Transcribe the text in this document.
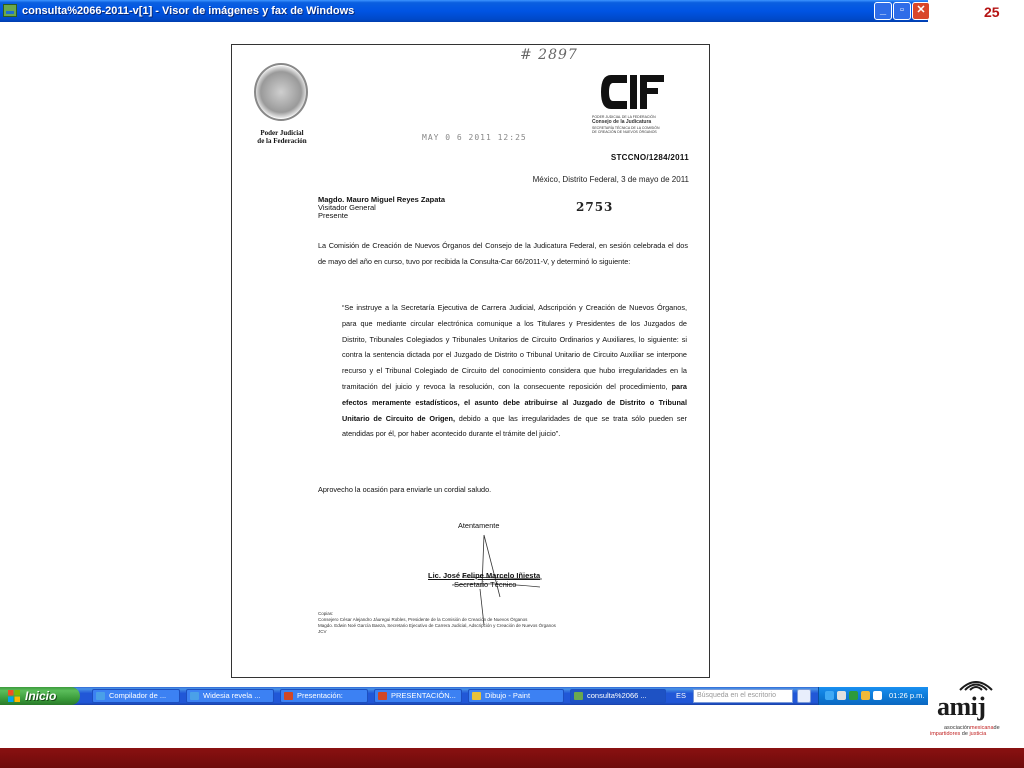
consulta%2066-2011-v[1] - Visor de imágenes y fax de Windows	_	▫	✕
Poder Judicial
de la Federación
# 2897
MAY 0 6 2011 12:25
PODER JUDICIAL DE LA FEDERACIÓN
Consejo de la Judicatura
SECRETARÍA TÉCNICA DE LA COMISIÓN
DE CREACIÓN DE NUEVOS ÓRGANOS
STCCNO/1284/2011
México, Distrito Federal, 3 de mayo de 2011
Magdo. Mauro Miguel Reyes Zapata
Visitador General
Presente
2753

La Comisión de Creación de Nuevos Órganos del Consejo de la Judicatura Federal, en sesión celebrada el dos de mayo del año en curso, tuvo por recibida la Consulta-Car 66/2011-V, y determinó lo siguiente:

“Se instruye a la Secretaría Ejecutiva de Carrera Judicial, Adscripción y Creación de Nuevos Órganos, para que mediante circular electrónica comunique a los Titulares y Presidentes de los Juzgados de Distrito, Tribunales Colegiados y Tribunales Unitarios de Circuito Ordinarios y Auxiliares, lo siguiente: si contra la sentencia dictada por el Juzgado de Distrito o Tribunal Unitario de Circuito Auxiliar se interpone recurso y el Tribunal Colegiado de Circuito del conocimiento considera que hubo irregularidades en la tramitación del juicio y revoca la resolución, con la consecuente reposición del procedimiento, para efectos meramente estadísticos, el asunto debe atribuirse al Juzgado de Distrito o Tribunal Unitario de Circuito de Origen, debido a que las irregularidades de que se trata sólo pueden ser atendidas por él, por haber acontecido durante el trámite del juicio”.

Aprovecho la ocasión para enviarle un cordial saludo.
Atentamente
Lic. José Felipe Marcelo Iñiesta
Secretario Técnico
Copias:
Consejero César Alejandro Jáuregui Robles, Presidente de la Comisión de Creación de Nuevos Órganos
Magdo. Edwin Noé García Baeza, Secretario Ejecutivo de Carrera Judicial, Adscripción y Creación de Nuevos Órganos
JCV
Inicio	Compilador de ...	Widesia revela ...	Presentación:	PRESENTACIÓN...	Dibujo - Paint	consulta%2066 ...	ES	Búsqueda en el escritorio	01:26 p.m.
25
amij
asociaciónmexicanade
impartidores de justicia
